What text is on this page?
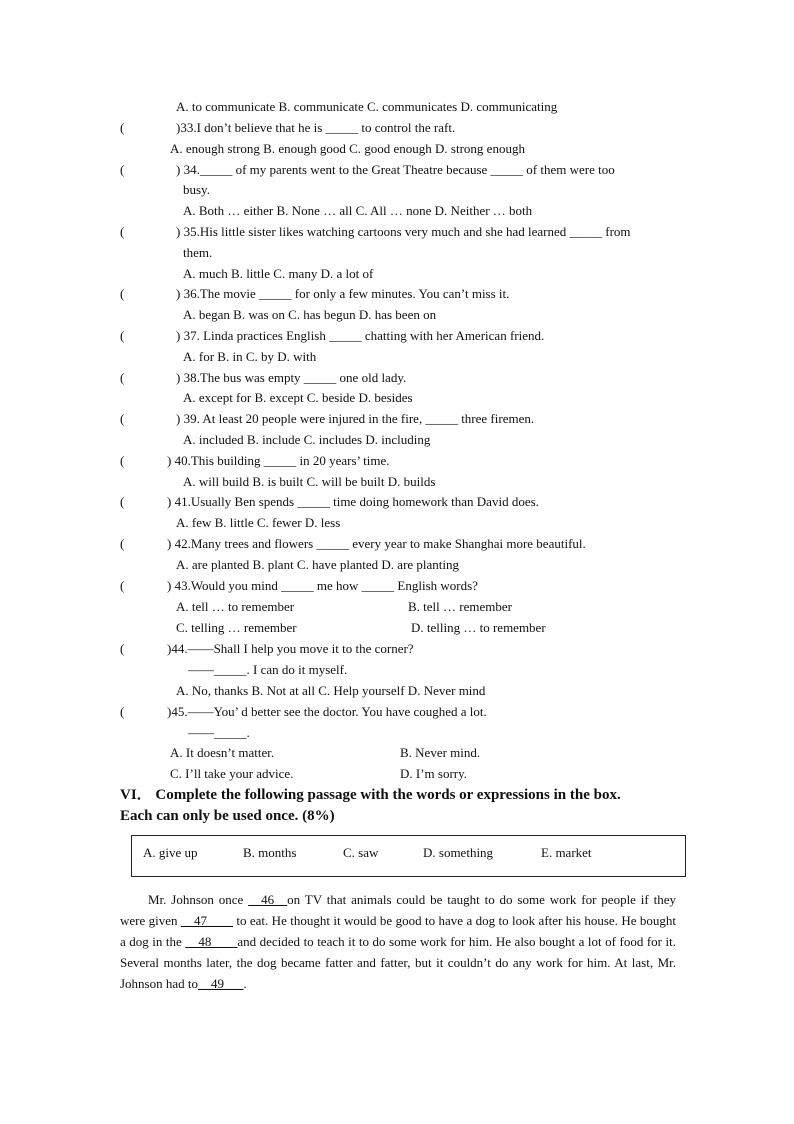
A. to communicate B. communicate C. communicates D. communicating
(	)33.I don’t believe that he is _____ to control the raft.
A. enough strong B. enough good C. good enough D. strong enough
(	) 34._____ of my parents went to the Great Theatre because _____ of them were too
busy.
A. Both … either B. None … all C. All … none D. Neither … both
(	) 35.His little sister likes watching cartoons very much and she had learned _____ from
them.
A. much B. little C. many D. a lot of
(	) 36.The movie _____ for only a few minutes. You can’t miss it.
A. began B. was on C. has begun D. has been on
(	) 37. Linda practices English _____ chatting with her American friend.
A. for B. in C. by D. with
(	) 38.The bus was empty _____ one old lady.
A. except for B. except C. beside D. besides
(	) 39. At least 20 people were injured in the fire, _____ three firemen.
A. included B. include C. includes D. including
(	) 40.This building _____ in 20 years’ time.
A. will build B. is built C. will be built D. builds
(	) 41.Usually Ben spends _____ time doing homework than David does.
A. few B. little C. fewer D. less
(	) 42.Many trees and flowers _____ every year to make Shanghai more beautiful.
A. are planted B. plant C. have planted D. are planting
(	) 43.Would you mind _____ me how _____ English words?
A. tell … to remember	B. tell … remember
C. telling … remember	D. telling … to remember
(	)44.——Shall I help you move it to the corner?
——_____. I can do it myself.
A. No, thanks B. Not at all C. Help yourself D. Never mind
(	)45.——You’ d better see the doctor. You have coughed a lot.
——_____.
A. It doesn’t matter.	B. Never mind.
C. I’ll take your advice.	D. I’m sorry.
VI． Complete the following passage with the words or expressions in the box.
Each can only be used once. (8%)
A. give up	B. months	C. saw	D. something	E. market
Mr. Johnson once __46__on TV that animals could be taught to do some work for people if they were given __47____ to eat. He thought it would be good to have a dog to look after his house. He bought a dog in the __48____and decided to teach it to do some work for him. He also bought a lot of food for it. Several months later, the dog became fatter and fatter, but it couldn’t do any work for him. At last, Mr. Johnson had to__49___.
